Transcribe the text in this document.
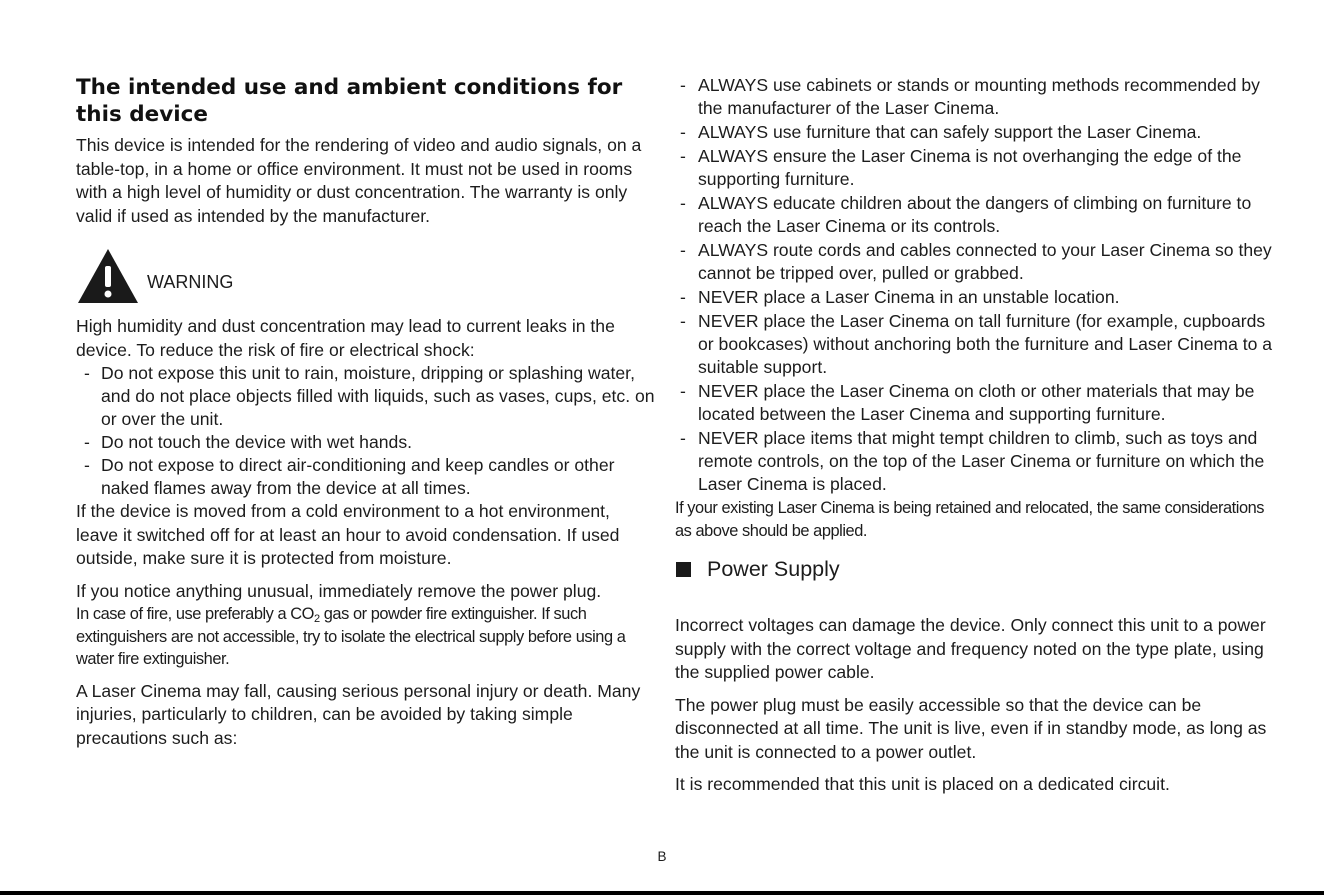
The intended use and ambient conditions for this device

This device is intended for the rendering of video and audio signals, on a table-top, in a home or office environment. It must not be used in rooms with a high level of humidity or dust concentration. The warranty is only valid if used as intended by the manufacturer.

WARNING

High humidity and dust concentration may lead to current leaks in the device. To reduce the risk of fire or electrical shock:

- Do not expose this unit to rain, moisture, dripping or splashing water, and do not place objects filled with liquids, such as vases, cups, etc. on or over the unit.
- Do not touch the device with wet hands.
- Do not expose to direct air-conditioning and keep candles or other naked flames away from the device at all times.

If the device is moved from a cold environment to a hot environment, leave it switched off for at least an hour to avoid condensation. If used outside, make sure it is protected from moisture.

If you notice anything unusual, immediately remove the power plug.

In case of fire, use preferably a $CO_2$ gas or powder fire extinguisher. If such extinguishers are not accessible, try to isolate the electrical supply before using a water fire extinguisher.

A Laser Cinema may fall, causing serious personal injury or death. Many injuries, particularly to children, can be avoided by taking simple precautions such as:

- ALWAYS use cabinets or stands or mounting methods recommended by the manufacturer of the Laser Cinema.
- ALWAYS use furniture that can safely support the Laser Cinema.
- ALWAYS ensure the Laser Cinema is not overhanging the edge of the supporting furniture.
- ALWAYS educate children about the dangers of climbing on furniture to reach the Laser Cinema or its controls.
- ALWAYS route cords and cables connected to your Laser Cinema so they cannot be tripped over, pulled or grabbed.
- NEVER place a Laser Cinema in an unstable location.
- NEVER place the Laser Cinema on tall furniture (for example, cupboards or bookcases) without anchoring both the furniture and Laser Cinema to a suitable support.
- NEVER place the Laser Cinema on cloth or other materials that may be located between the Laser Cinema and supporting furniture.
- NEVER place items that might tempt children to climb, such as toys and remote controls, on the top of the Laser Cinema or furniture on which the Laser Cinema is placed.

If your existing Laser Cinema is being retained and relocated, the same considerations as above should be applied.

Power Supply

Incorrect voltages can damage the device. Only connect this unit to a power supply with the correct voltage and frequency noted on the type plate, using the supplied power cable.

The power plug must be easily accessible so that the device can be disconnected at all time. The unit is live, even if in standby mode, as long as the unit is connected to a power outlet.

It is recommended that this unit is placed on a dedicated circuit.

B
